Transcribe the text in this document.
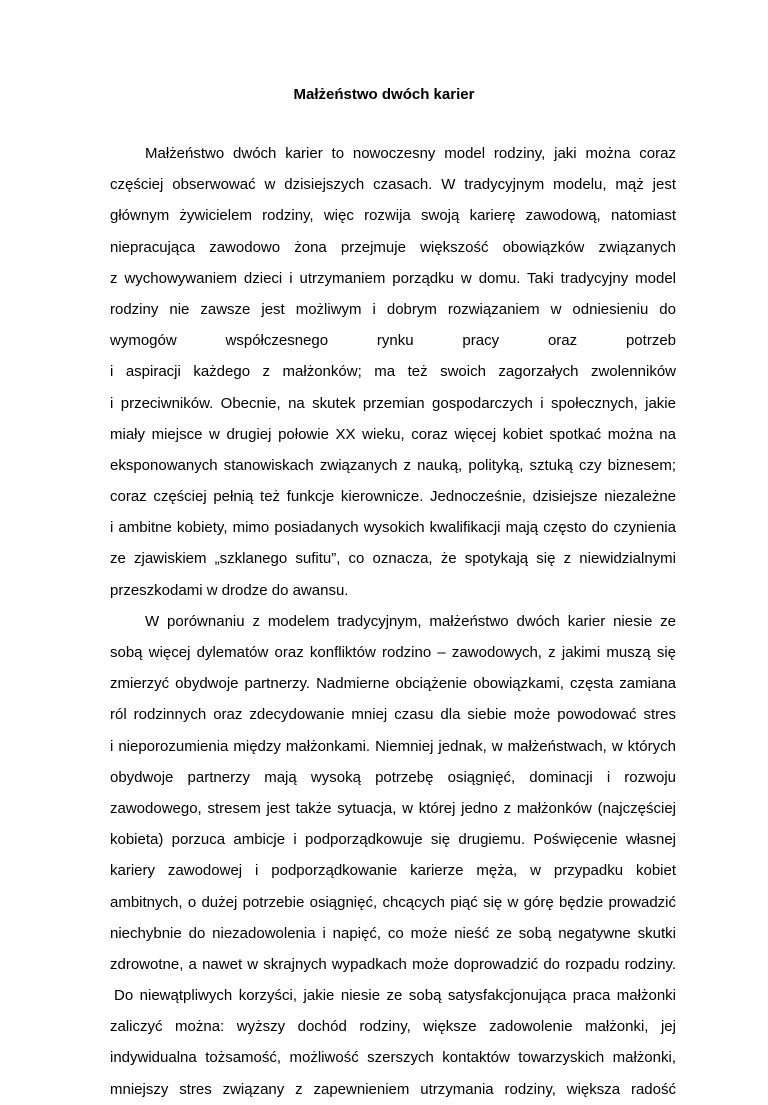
Małżeństwo dwóch karier
Małżeństwo dwóch karier to nowoczesny model rodziny, jaki można coraz
częściej obserwować w dzisiejszych czasach. W tradycyjnym modelu, mąż jest
głównym żywicielem rodziny, więc rozwija swoją karierę zawodową, natomiast
niepracująca zawodowo żona przejmuje większość obowiązków związanych
z wychowywaniem dzieci i utrzymaniem porządku w domu. Taki tradycyjny model
rodziny nie zawsze jest możliwym i dobrym rozwiązaniem w odniesieniu do
wymogów współczesnego rynku pracy oraz potrzeb
i aspiracji każdego z małżonków; ma też swoich zagorzałych zwolenników
i przeciwników. Obecnie, na skutek przemian gospodarczych i społecznych, jakie
miały miejsce w drugiej połowie XX wieku, coraz więcej kobiet spotkać można na
eksponowanych stanowiskach związanych z nauką, polityką, sztuką czy biznesem;
coraz częściej pełnią też funkcje kierownicze. Jednocześnie, dzisiejsze niezależne
i ambitne kobiety, mimo posiadanych wysokich kwalifikacji mają często do czynienia
ze zjawiskiem „szklanego sufitu”, co oznacza, że spotykają się z niewidzialnymi
przeszkodami w drodze do awansu.
W porównaniu z modelem tradycyjnym, małżeństwo dwóch karier niesie ze
sobą więcej dylematów oraz konfliktów rodzino – zawodowych, z jakimi muszą się
zmierzyć obydwoje partnerzy. Nadmierne obciążenie obowiązkami, częsta zamiana
ról rodzinnych oraz zdecydowanie mniej czasu dla siebie może powodować stres
i nieporozumienia między małżonkami. Niemniej jednak, w małżeństwach, w których
obydwoje partnerzy mają wysoką potrzebę osiągnięć, dominacji i rozwoju
zawodowego, stresem jest także sytuacja, w której jedno z małżonków (najczęściej
kobieta) porzuca ambicje i podporządkowuje się drugiemu. Poświęcenie własnej
kariery zawodowej i podporządkowanie karierze męża, w przypadku kobiet
ambitnych, o dużej potrzebie osiągnięć, chcących piąć się w górę będzie prowadzić
niechybnie do niezadowolenia i napięć, co może nieść ze sobą negatywne skutki
zdrowotne, a nawet w skrajnych wypadkach może doprowadzić do rozpadu rodziny.
Do niewątpliwych korzyści, jakie niesie ze sobą satysfakcjonująca praca małżonki
zaliczyć można: wyższy dochód rodziny, większe zadowolenie małżonki, jej
indywidualna tożsamość, możliwość szerszych kontaktów towarzyskich małżonki,
mniejszy stres związany z zapewnieniem utrzymania rodziny, większa radość
